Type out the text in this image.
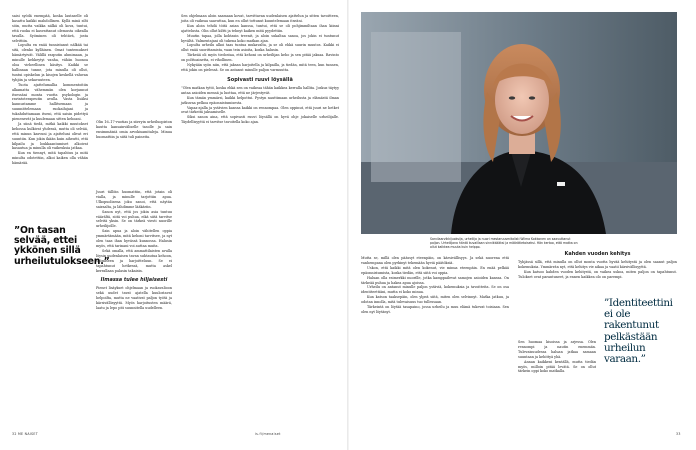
saisi syödä enempää, koska lautaselle oli kasattu kaikki mahdollinen. Kyllä minä silti söin, mutta vaikka nälkä oli kova, tuntui, että ruoka ei kasvattanut olemusta oikealla tavalla. Syöminen oli tehtävä, josta selvittiin.

Lopulta en enää tunnistanut nälkää tai sitä, olenko kylläinen. Omat tuntemukset hämärtyivät. Välillä rasputin ahmimaan, ja minulle kehkeytyi vanha, vähän huonoa oloa virheellinen käsitys. Kaikki se hallinnan tunne, jota minulla oli ollut, tuntui opiskelun ja kisojen keskellä valuvan tyhjiin ja sekavuuteen.

Tuota ajattelumallia kommentoitiin alkamatta vähemmän olen korjannut itsessäni monta vuotta psykologin ja ravintoterapeutin avulla. Vasta lisäksi kannustamme hallitsemaan ja suunnittelemaan ruokailujani ja tukahduttamaan itseni, että saisin pidettyä pienenevät ja kuulemaan sitten kehoani.

Ja siinä tiedä, mitkä kaikki muutokset kehossa kulkivat yhdessä, mutta oli selvää, että minun kasvuni ja ajatteluni olivat eri suuntiin. Kun jokin ikään kuin aiheutti, että kilpailu ja loukkaantumiset alkoivat kasautua ja minulla oli vaikeuksia jatkaa.

Kun en tiennyt, mitä tapahtuu ja mitä minulta odotettiin, alkoi kaiken olla vähän hämärää.

Olin 16–17-vuotias ja siirryin urheiluopiston kautta kansainväliselle tasolle ja sain ensimmäisiä omia arvokisamitaleja. Minua huomattiin ja siitä tuli paineita.

”On tasan selvää, ettei ykkönen sillä urheilutulokseen.”

Juuri tällöin huomattiin, että jotain oli vialla, ja minulle tarjottiin apua. Ulkopuolisena joku sanoi, että näytän sairaalta, ja lähdimme lääkäriin.

Sanon nyt, että jos jokin asia tuntuu väärältä, siitä voi puhua, eikä siitä tarvitse selvitä yksin. Se on tärkeä viesti nuorille urheilijoille.

Sain apua ja aloin vähitellen oppia ymmärtämään, mitä kehoni tarvitsee, ja nyt olen taas ihan hyvässä kunnossa. Halusin myös, että tarinani voi auttaa muita.

Sekä omalla, että ammattilaisten avulla löysin uudenlaisen tavan suhtautua kehoon, syömiseen ja harjoitteluun. Se ei tapahtunut hetkessä, mutta askel kerrallaan palasin takaisin.

Ilmassa tulee hiljaisesti

Pienet lisäykset ohjelmaan ja ruokavalioon sekä uudet tavat ajatella kuulostavat helpoilta, mutta ne vaativat paljon työtä ja kärsivällisyyttä. Myös harjoitusten määrä, laatu ja lepo piti suunnitella uudelleen.

Sen ohjelmaan aloin saamaan kovat, tarvittavan uudenlaisen ajattelun ja sitten tavoitteen, joita oli vaikeaa saavuttaa, kun en ollut tottunut kuuntelemaan itseäni.

Kun aloin tehdä töitä asian kanssa, tuntui, että se oli pohjimmiltaan ihan kiinni ajattelusta. Olin ollut kiltti ja tehnyt kaiken mitä pyydettiin.

Muutin tapaa, jolla kohtasin treenit, ja aloin uskaltaa sanoa, jos jokin ei tuntunut hyvältä. Valmentajani oli tukena koko matkan ajan.

Lopulta urheilu alkoi taas tuntua mukavalta, ja se oli ehkä suurin muutos. Kaikki ei ollut enää suorittamista, vaan tein asioita, koska halusin.

Tärkeää oli myös tiedostaa, että kehoni on urheilijan keho ja sen pitää jaksaa. Ravinto on polttoainetta, ei vihollinen.

Nykyään syön niin, että jaksan harjoitella ja kilpailla, ja tiedän, mitä teen, kun tunnen, että jokin on pielessä. Se on antanut minulle paljon varmuutta.

Sopivasti ruuvi löysällä

”Olen matkan tyttö, koska ehkä sen on vaikeaa tähän kaikkea kerralla hallita. Joskus täytyy antaa asioiden mennä ja luottaa, että ne järjestyvät.

Kun tämän ymmärsi, kaikki helpottui. Pystyn nauttimaan urheilusta ja elämästä ilman jatkuvaa pelkoa epäonnistumisesta.

Vapaa-ajalla ja ystävien kanssa kaikki on rennompaa. Olen oppinut, että juuri ne hetket ovat tärkeitä jaksamiselle.

Siksi sanon aina, että sopivasti ruuvi löysällä on hyvä ohje jokaiselle urheilijalle. Täydellisyyttä ei tarvitse tavoitella koko ajan.

32 ME NAISET	is.fi/menaiset
Sarvilaarvikkijuoksija, urheilija ja nuori mestaruusmitalisti Wilma Kokkonen on saavuttanut paljon. Urheilijana häntä kuvaillaan sinnikkääksi ja määrätietoiseksi. Hän kertoo, että matka on ollut kaikkea muuta kuin helppo.

Mutta se, millä olen päässyt eteenpäin, on kärsivällisyys. Ja sekä nuorena että vanhempana olen pyrkinyt tekemään hyviä päätöksiä.

Uskon, että kaikki mitä olen kokenut, vie minua eteenpäin. En enää pelkää epäonnistumista, koska tiedän, että siitä voi oppia.

Haluan olla esimerkki nuorille, jotka kamppailevat samojen asioiden kanssa. On tärkeää puhua ja hakea apua ajoissa.

Urheilu on antanut minulle paljon ystäviä, kokemuksia ja tavoitteita. Se on osa identiteettiäni, mutta ei koko minua.

Kun katson taaksepäin, olen ylpeä siitä, miten olen selvinnyt. Matka jatkuu, ja odotan innolla, mitä tulevaisuus tuo tullessaan.

Tärkeintä on löytää tasapaino, jossa urheilu ja muu elämä tukevat toisiaan. Sen olen nyt löytänyt.

Kahden vuoden kehitys

Tyhjässä sillä, että minulla on ollut monta vuotta hyvää kehitystä ja olen saanut paljon kokemuksia. Ymmärrän nyt, että kehitys vie aikaa ja vaatii kärsivällisyyttä.

Kun katsoo kahden vuoden kehitystä, on vaikea uskoa, miten paljon on tapahtunut. Tulokset ovat parantuneet, ja ennen kaikkea olo on parempi.

Sen huomaa kisoissa ja arjessa. Olen rennompi ja nautin enemmän. Tulevaisuudessa haluan jatkaa samaan suuntaan ja kehittyä yhä.

Annan kaikkeni kentällä, mutta tiedän myös, milloin pitää levätä. Se on ollut tärkein oppi koko matkalla.

”Identiteettini ei ole rakentunut pelkästään urheilun varaan.”
33
